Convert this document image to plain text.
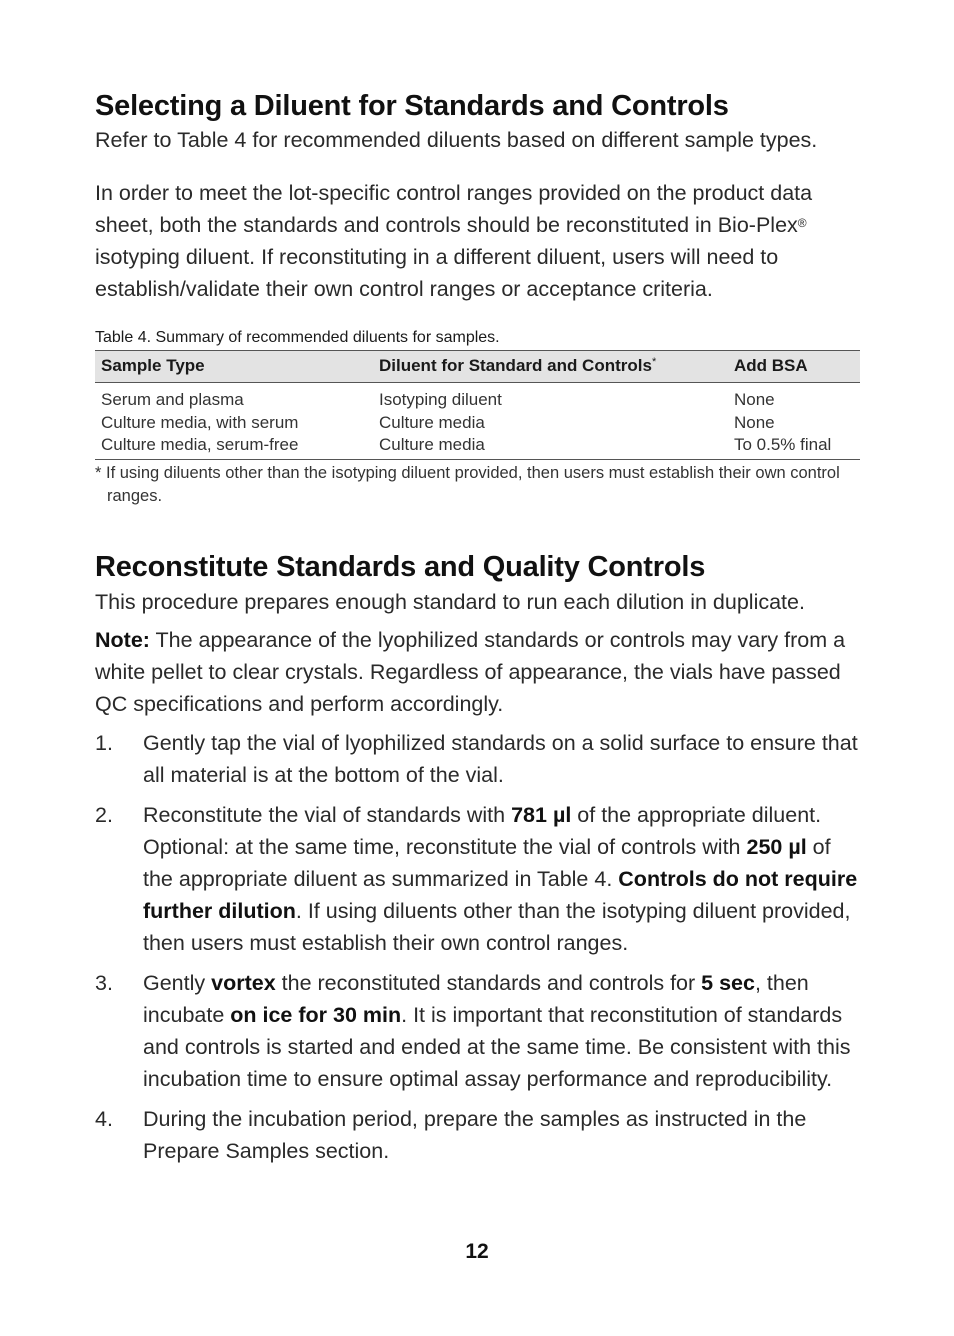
Selecting a Diluent for Standards and Controls

Refer to Table 4 for recommended diluents based on different sample types.

In order to meet the lot-specific control ranges provided on the product data sheet, both the standards and controls should be reconstituted in Bio-Plex® isotyping diluent. If reconstituting in a different diluent, users will need to establish/validate their own control ranges or acceptance criteria.

Table 4. Summary of recommended diluents for samples.
Sample Type	Diluent for Standard and Controls*	Add BSA
Serum and plasma	Isotyping diluent	None
Culture media, with serum	Culture media	None
Culture media, serum-free	Culture media	To 0.5% final
* If using diluents other than the isotyping diluent provided, then users must establish their own control ranges.
Reconstitute Standards and Quality Controls

This procedure prepares enough standard to run each dilution in duplicate.

Note: The appearance of the lyophilized standards or controls may vary from a white pellet to clear crystals. Regardless of appearance, the vials have passed QC specifications and perform accordingly.

1. Gently tap the vial of lyophilized standards on a solid surface to ensure that all material is at the bottom of the vial.
2. Reconstitute the vial of standards with 781 µl of the appropriate diluent. Optional: at the same time, reconstitute the vial of controls with 250 µl of the appropriate diluent as summarized in Table 4. Controls do not require further dilution. If using diluents other than the isotyping diluent provided, then users must establish their own control ranges.
3. Gently vortex the reconstituted standards and controls for 5 sec, then incubate on ice for 30 min. It is important that reconstitution of standards and controls is started and ended at the same time. Be consistent with this incubation time to ensure optimal assay performance and reproducibility.
4. During the incubation period, prepare the samples as instructed in the Prepare Samples section.
12
